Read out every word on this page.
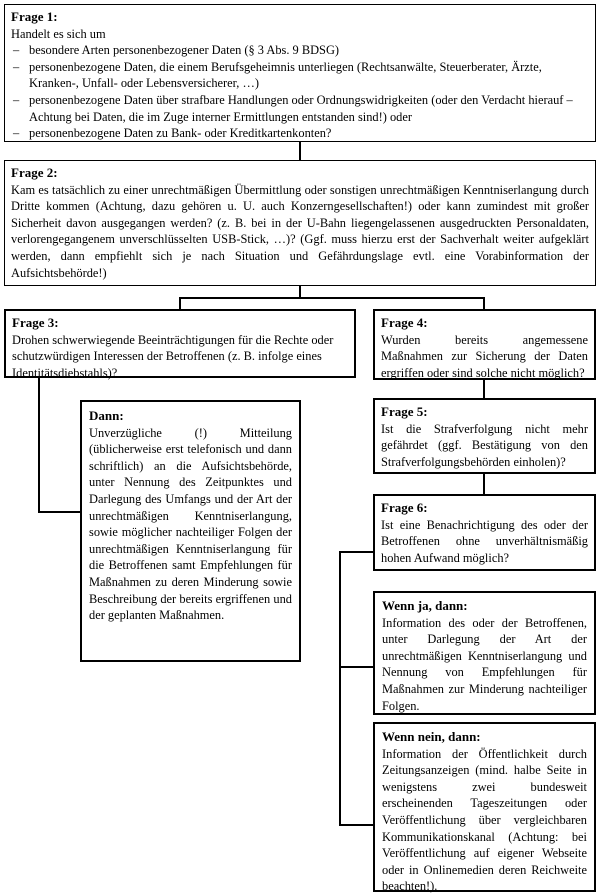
Frage 1:
Handelt es sich um
– besondere Arten personenbezogener Daten (§ 3 Abs. 9 BDSG)
– personenbezogene Daten, die einem Berufsgeheimnis unterliegen (Rechtsanwälte, Steuerberater, Ärzte, Kranken-, Unfall- oder Lebensversicherer, …)
– personenbezogene Daten über strafbare Handlungen oder Ordnungswidrigkeiten (oder den Verdacht hierauf – Achtung bei Daten, die im Zuge interner Ermittlungen entstanden sind!) oder
– personenbezogene Daten zu Bank- oder Kreditkartenkonten?
Frage 2:
Kam es tatsächlich zu einer unrechtmäßigen Übermittlung oder sonstigen unrechtmäßigen Kenntniserlangung durch Dritte kommen (Achtung, dazu gehören u. U. auch Konzerngesellschaften!) oder kann zumindest mit großer Sicherheit davon ausgegangen werden? (z. B. bei in der U-Bahn liegengelassenen ausgedruckten Personaldaten, verlorengegangenem unverschlüsselten USB-Stick, …)? (Ggf. muss hierzu erst der Sachverhalt weiter aufgeklärt werden, dann empfiehlt sich je nach Situation und Gefährdungslage evtl. eine Vorabinformation der Aufsichtsbehörde!)
Frage 3:
Drohen schwerwiegende Beeinträchtigungen für die Rechte oder schutzwürdigen Interessen der Betroffenen (z. B. infolge eines Identitätsdiebstahls)?
Dann:
Unverzügliche (!) Mitteilung (üblicherweise erst telefonisch und dann schriftlich) an die Aufsichtsbehörde, unter Nennung des Zeitpunktes und Darlegung des Umfangs und der Art der unrechtmäßigen Kenntniserlangung, sowie möglicher nachteiliger Folgen der unrechtmäßigen Kenntniserlangung für die Betroffenen samt Empfehlungen für Maßnahmen zu deren Minderung sowie Beschreibung der bereits ergriffenen und der geplanten Maßnahmen.
Frage 4:
Wurden bereits angemessene Maßnahmen zur Sicherung der Daten ergriffen oder sind solche nicht möglich?
Frage 5:
Ist die Strafverfolgung nicht mehr gefährdet (ggf. Bestätigung von den Strafverfolgungsbehörden einholen)?
Frage 6:
Ist eine Benachrichtigung des oder der Betroffenen ohne unverhältnismäßig hohen Aufwand möglich?
Wenn ja, dann:
Information des oder der Betroffenen, unter Darlegung der Art der unrechtmäßigen Kenntniserlangung und Nennung von Empfehlungen für Maßnahmen zur Minderung nachteiliger Folgen.
Wenn nein, dann:
Information der Öffentlichkeit durch Zeitungsanzeigen (mind. halbe Seite in wenigstens zwei bundesweit erscheinenden Tageszeitungen oder Veröffentlichung über vergleichbaren Kommunikationskanal (Achtung: bei Veröffentlichung auf eigener Webseite oder in Onlinemedien deren Reichweite beachten!).
